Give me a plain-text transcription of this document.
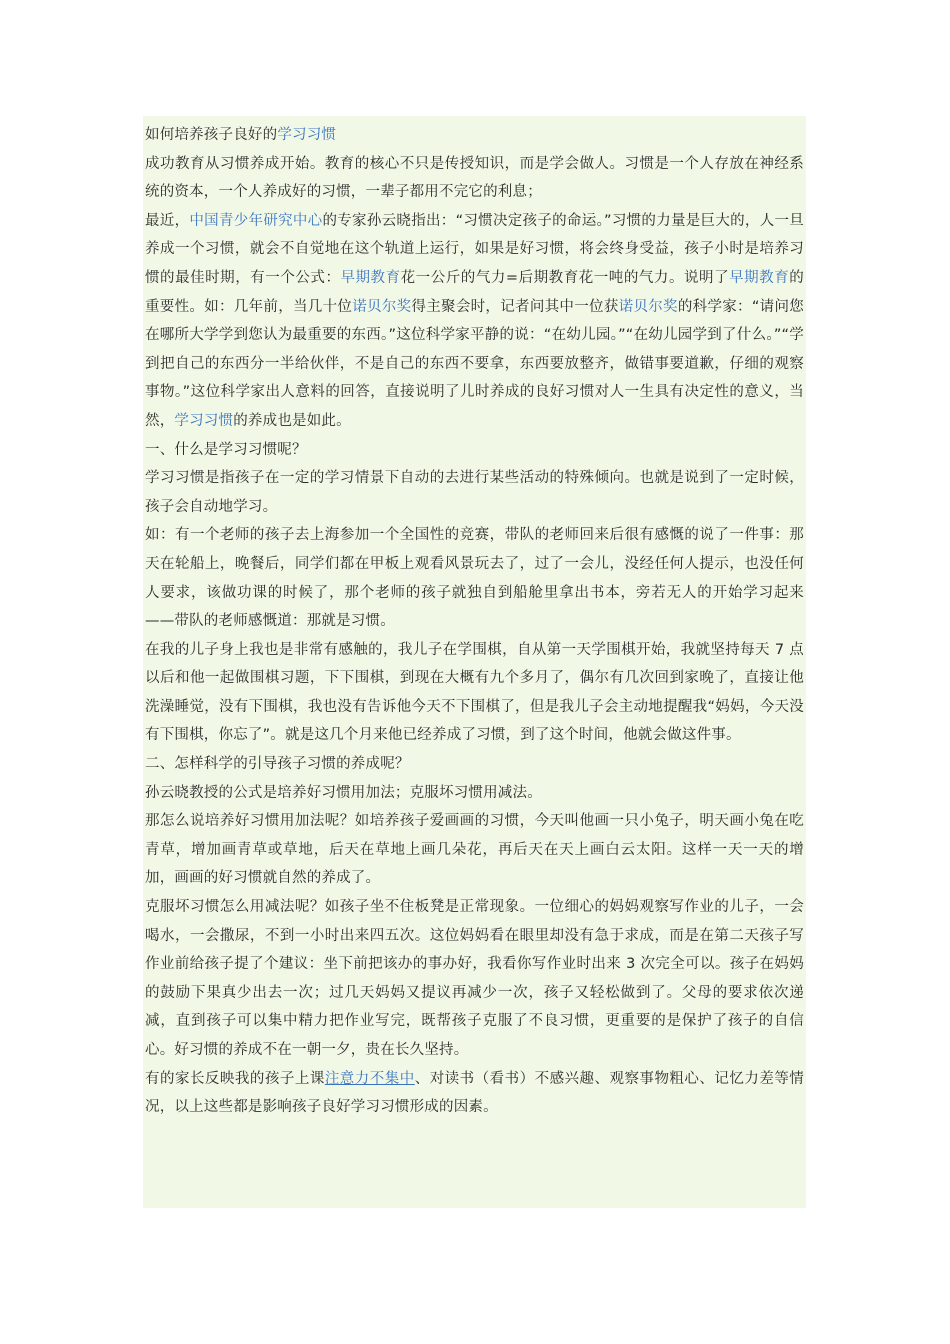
如何培养孩子良好的学习习惯

成功教育从习惯养成开始。教育的核心不只是传授知识，而是学会做人。习惯是一个人存放在神经系统的资本，一个人养成好的习惯，一辈子都用不完它的利息；

最近，中国青少年研究中心的专家孙云晓指出：“习惯决定孩子的命运。”习惯的力量是巨大的，人一旦养成一个习惯，就会不自觉地在这个轨道上运行，如果是好习惯，将会终身受益，孩子小时是培养习惯的最佳时期，有一个公式：早期教育花一公斤的气力=后期教育花一吨的气力。说明了早期教育的重要性。如：几年前，当几十位诺贝尔奖得主聚会时，记者问其中一位获诺贝尔奖的科学家：“请问您在哪所大学学到您认为最重要的东西。”这位科学家平静的说：“在幼儿园。”“在幼儿园学到了什么。”“学到把自己的东西分一半给伙伴，不是自己的东西不要拿，东西要放整齐，做错事要道歉，仔细的观察事物。”这位科学家出人意料的回答，直接说明了儿时养成的良好习惯对人一生具有决定性的意义，当然，学习习惯的养成也是如此。

一、什么是学习习惯呢？

学习习惯是指孩子在一定的学习情景下自动的去进行某些活动的特殊倾向。也就是说到了一定时候，孩子会自动地学习。

如：有一个老师的孩子去上海参加一个全国性的竞赛，带队的老师回来后很有感慨的说了一件事：那天在轮船上，晚餐后，同学们都在甲板上观看风景玩去了，过了一会儿，没经任何人提示，也没任何人要求，该做功课的时候了，那个老师的孩子就独自到船舱里拿出书本，旁若无人的开始学习起来——带队的老师感慨道：那就是习惯。

在我的儿子身上我也是非常有感触的，我儿子在学围棋，自从第一天学围棋开始，我就坚持每天 7 点以后和他一起做围棋习题，下下围棋，到现在大概有九个多月了，偶尔有几次回到家晚了，直接让他洗澡睡觉，没有下围棋，我也没有告诉他今天不下围棋了，但是我儿子会主动地提醒我“妈妈，今天没有下围棋，你忘了”。就是这几个月来他已经养成了习惯，到了这个时间，他就会做这件事。

二、怎样科学的引导孩子习惯的养成呢？

孙云晓教授的公式是培养好习惯用加法；克服坏习惯用减法。

那怎么说培养好习惯用加法呢？如培养孩子爱画画的习惯，今天叫他画一只小兔子，明天画小兔在吃青草，增加画青草或草地，后天在草地上画几朵花，再后天在天上画白云太阳。这样一天一天的增加，画画的好习惯就自然的养成了。

克服坏习惯怎么用减法呢？如孩子坐不住板凳是正常现象。一位细心的妈妈观察写作业的儿子，一会喝水，一会撒尿，不到一小时出来四五次。这位妈妈看在眼里却没有急于求成，而是在第二天孩子写作业前给孩子提了个建议：坐下前把该办的事办好，我看你写作业时出来 3 次完全可以。孩子在妈妈的鼓励下果真少出去一次；过几天妈妈又提议再减少一次，孩子又轻松做到了。父母的要求依次递减，直到孩子可以集中精力把作业写完，既帮孩子克服了不良习惯，更重要的是保护了孩子的自信心。好习惯的养成不在一朝一夕，贵在长久坚持。

有的家长反映我的孩子上课注意力不集中、对读书（看书）不感兴趣、观察事物粗心、记忆力差等情况，以上这些都是影响孩子良好学习习惯形成的因素。
